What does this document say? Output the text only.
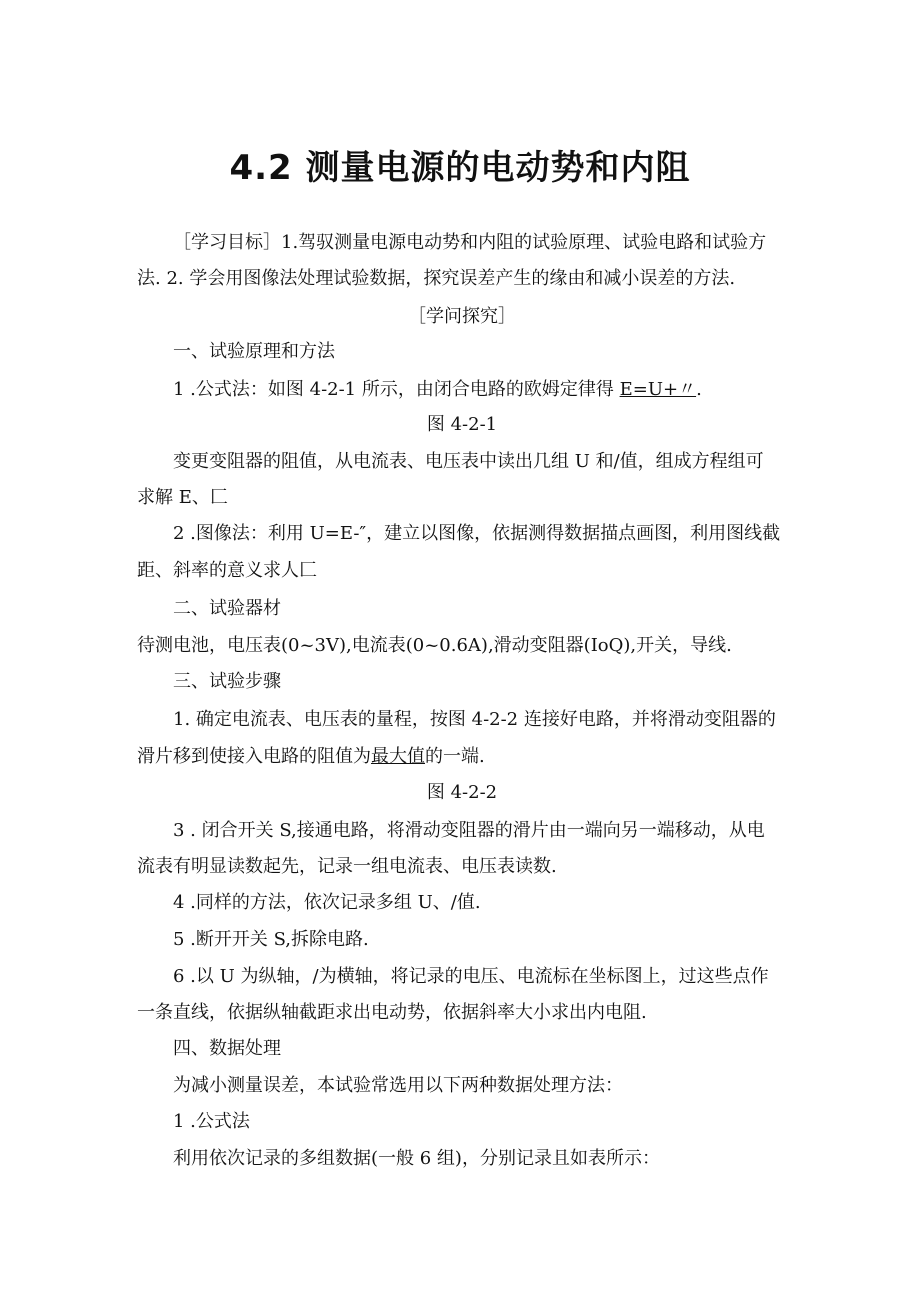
4.2 测量电源的电动势和内阻

［学习目标］1.驾驭测量电源电动势和内阻的试验原理、试验电路和试验方

法. 2. 学会用图像法处理试验数据，探究误差产生的缘由和减小误差的方法.

［学问探究］

一、试验原理和方法

1 .公式法：如图 4-2-1 所示，由闭合电路的欧姆定律得 E=U+〃.

图 4-2-1

变更变阻器的阻值，从电流表、电压表中读出几组 U 和/值，组成方程组可

求解 E、匚

2 .图像法：利用 U=E-″，建立以图像，依据测得数据描点画图，利用图线截

距、斜率的意义求人匚

二、试验器材

待测电池，电压表(0~3V),电流表(0~0.6A),滑动变阻器(IoQ),开关，导线.

三、试验步骤

1. 确定电流表、电压表的量程，按图 4-2-2 连接好电路，并将滑动变阻器的

滑片移到使接入电路的阻值为最大值的一端.

图 4-2-2

3 . 闭合开关 S,接通电路，将滑动变阻器的滑片由一端向另一端移动，从电

流表有明显读数起先，记录一组电流表、电压表读数.

4 .同样的方法，依次记录多组 U、/值.

5 .断开开关 S,拆除电路.

6 .以 U 为纵轴，/为横轴，将记录的电压、电流标在坐标图上，过这些点作

一条直线，依据纵轴截距求出电动势，依据斜率大小求出内电阻.

四、数据处理

为减小测量误差，本试验常选用以下两种数据处理方法：

1 .公式法

利用依次记录的多组数据(一般 6 组)，分别记录且如表所示：
